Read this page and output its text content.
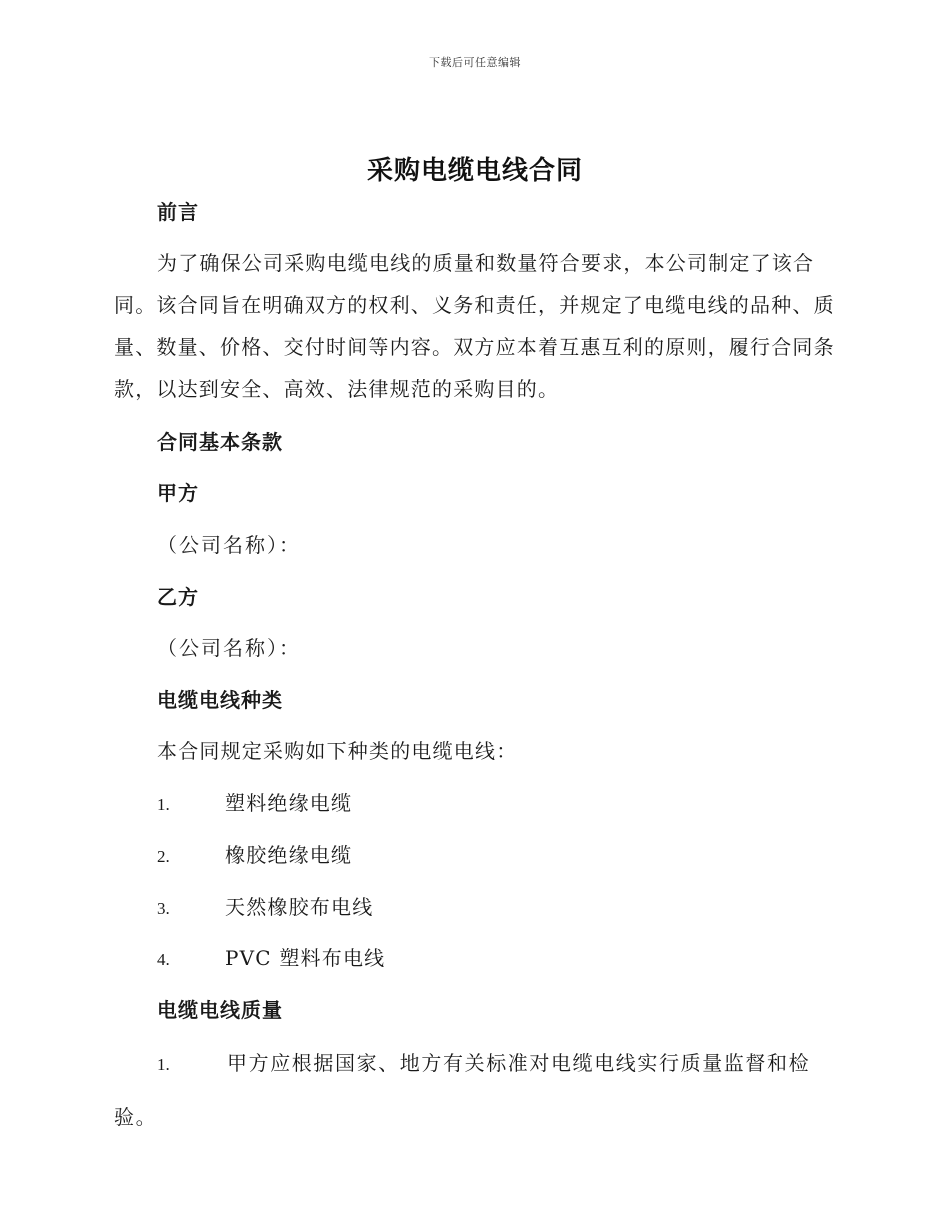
下载后可任意编辑
采购电缆电线合同
前言
为了确保公司采购电缆电线的质量和数量符合要求，本公司制定了该合同。该合同旨在明确双方的权利、义务和责任，并规定了电缆电线的品种、质量、数量、价格、交付时间等内容。双方应本着互惠互利的原则，履行合同条款，以达到安全、高效、法律规范的采购目的。
合同基本条款
甲方
（公司名称）：
乙方
（公司名称）：
电缆电线种类
本合同规定采购如下种类的电缆电线：
1.	塑料绝缘电缆
2.	橡胶绝缘电缆
3.	天然橡胶布电线
4.	PVC 塑料布电线
电缆电线质量
1.	甲方应根据国家、地方有关标准对电缆电线实行质量监督和检验。
